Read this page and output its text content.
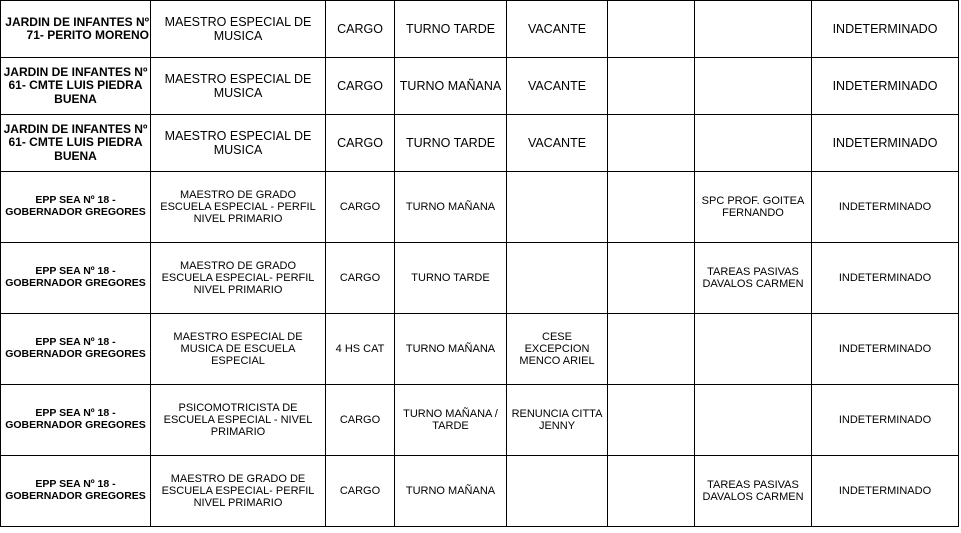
JARDIN DE INFANTES Nº 71- PERITO MORENO	MAESTRO ESPECIAL DE MUSICA	CARGO	TURNO TARDE	VACANTE			INDETERMINADO
JARDIN DE INFANTES Nº 61- CMTE LUIS PIEDRA BUENA	MAESTRO ESPECIAL DE MUSICA	CARGO	TURNO MAÑANA	VACANTE			INDETERMINADO
JARDIN DE INFANTES Nº 61- CMTE LUIS PIEDRA BUENA	MAESTRO ESPECIAL DE MUSICA	CARGO	TURNO TARDE	VACANTE			INDETERMINADO
EPP SEA Nº 18 - GOBERNADOR GREGORES	MAESTRO DE GRADO ESCUELA ESPECIAL - PERFIL NIVEL PRIMARIO	CARGO	TURNO MAÑANA			SPC PROF. GOITEA FERNANDO	INDETERMINADO
EPP SEA Nº 18 - GOBERNADOR GREGORES	MAESTRO DE GRADO ESCUELA ESPECIAL- PERFIL NIVEL PRIMARIO	CARGO	TURNO TARDE			TAREAS PASIVAS DAVALOS CARMEN	INDETERMINADO
EPP SEA Nº 18 - GOBERNADOR GREGORES	MAESTRO ESPECIAL DE MUSICA DE ESCUELA ESPECIAL	4 HS CAT	TURNO MAÑANA	CESE EXCEPCION MENCO ARIEL			INDETERMINADO
EPP SEA Nº 18 - GOBERNADOR GREGORES	PSICOMOTRICISTA DE ESCUELA ESPECIAL - NIVEL PRIMARIO	CARGO	TURNO MAÑANA / TARDE	RENUNCIA CITTA JENNY			INDETERMINADO
EPP SEA Nº 18 - GOBERNADOR GREGORES	MAESTRO DE GRADO DE ESCUELA ESPECIAL- PERFIL NIVEL PRIMARIO	CARGO	TURNO MAÑANA			TAREAS PASIVAS DAVALOS CARMEN	INDETERMINADO
